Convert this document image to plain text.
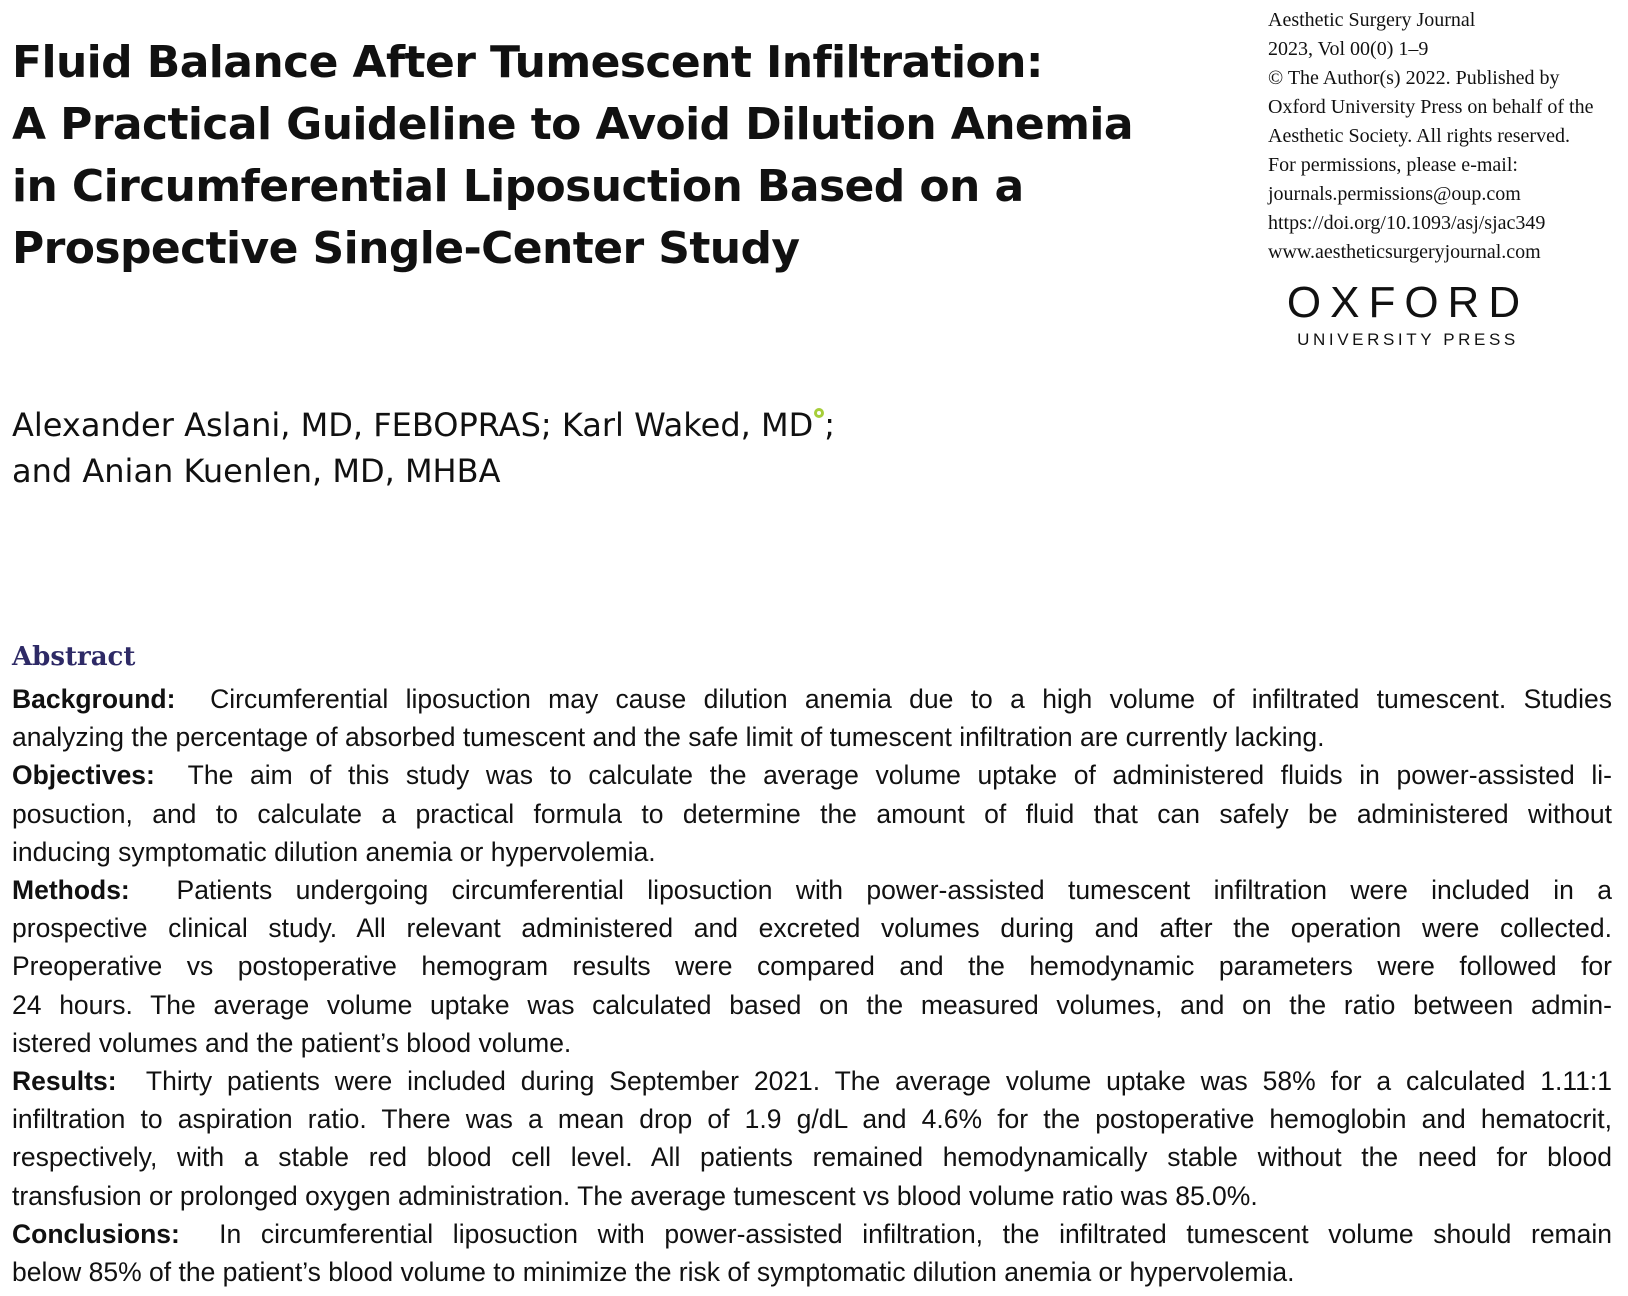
Fluid Balance After Tumescent Infiltration:
A Practical Guideline to Avoid Dilution Anemia
in Circumferential Liposuction Based on a
Prospective Single-Center Study
Aesthetic Surgery Journal
2023, Vol 00(0) 1–9
© The Author(s) 2022. Published by
Oxford University Press on behalf of the
Aesthetic Society. All rights reserved.
For permissions, please e-mail:
journals.permissions@oup.com
https://doi.org/10.1093/asj/sjac349
www.aestheticsurgeryjournal.com
OXFORD
UNIVERSITY PRESS
Alexander Aslani, MD, FEBOPRAS; Karl Waked, MD ;
and Anian Kuenlen, MD, MHBA
Abstract
Background: Circumferential liposuction may cause dilution anemia due to a high volume of infiltrated tumescent. Studies
analyzing the percentage of absorbed tumescent and the safe limit of tumescent infiltration are currently lacking.
Objectives: The aim of this study was to calculate the average volume uptake of administered fluids in power-assisted li-
posuction, and to calculate a practical formula to determine the amount of fluid that can safely be administered without
inducing symptomatic dilution anemia or hypervolemia.
Methods: Patients undergoing circumferential liposuction with power-assisted tumescent infiltration were included in a
prospective clinical study. All relevant administered and excreted volumes during and after the operation were collected.
Preoperative vs postoperative hemogram results were compared and the hemodynamic parameters were followed for
24 hours. The average volume uptake was calculated based on the measured volumes, and on the ratio between admin-
istered volumes and the patient’s blood volume.
Results: Thirty patients were included during September 2021. The average volume uptake was 58% for a calculated 1.11:1
infiltration to aspiration ratio. There was a mean drop of 1.9 g/dL and 4.6% for the postoperative hemoglobin and hematocrit,
respectively, with a stable red blood cell level. All patients remained hemodynamically stable without the need for blood
transfusion or prolonged oxygen administration. The average tumescent vs blood volume ratio was 85.0%.
Conclusions: In circumferential liposuction with power-assisted infiltration, the infiltrated tumescent volume should remain
below 85% of the patient’s blood volume to minimize the risk of symptomatic dilution anemia or hypervolemia.
